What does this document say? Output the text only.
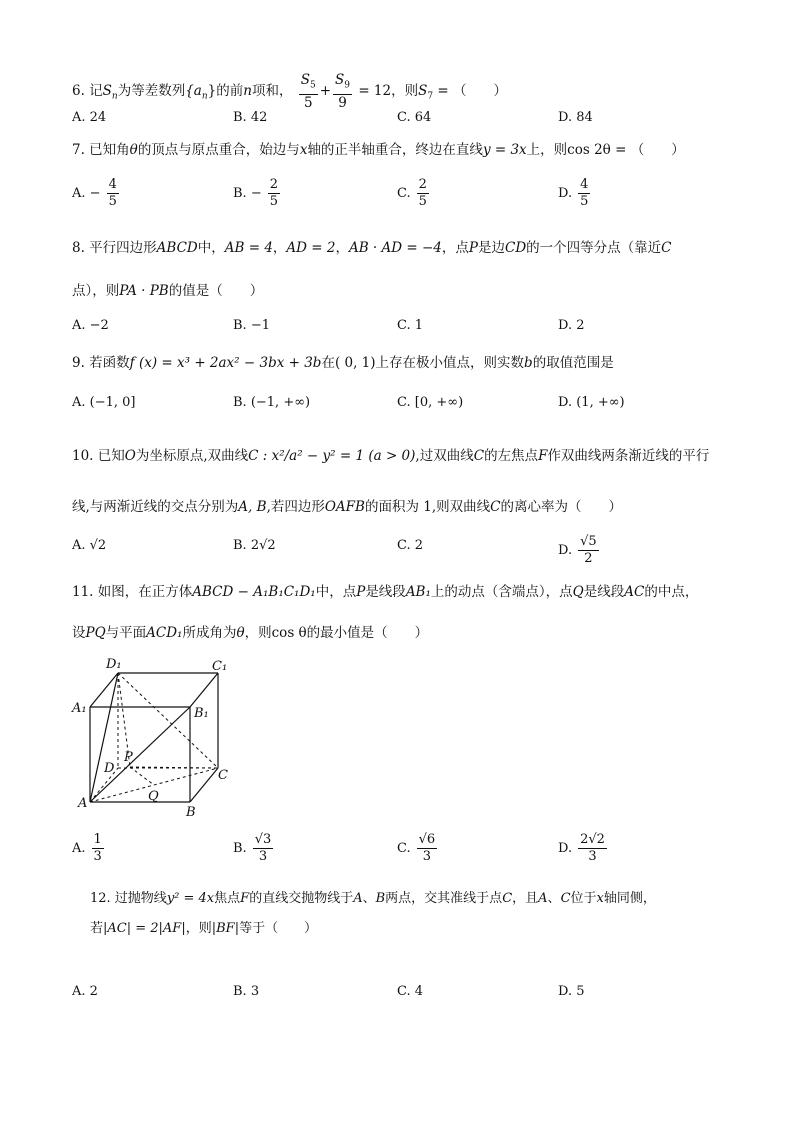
6. 记$S_n$为等差数列$\{a_n\}$的前n项和， $\frac{S_5}{5} + \frac{S_9}{9} = 12$，则$S_7$ = （　　）
A. 24	B. 42	C. 64	D. 84
7. 已知角θ的顶点与原点重合，始边与x轴的正半轴重合，终边在直线y = 3x上，则cos 2θ = （　　）
A. − $\frac{4}{5}$	B. − $\frac{2}{5}$	C. $\frac{2}{5}$	D. $\frac{4}{5}$
8. 平行四边形ABCD中，AB = 4，AD = 2，AB · AD = −4，点P是边CD的一个四等分点（靠近C
点），则PA · PB的值是（　　）
A. −2	B. −1	C. 1	D. 2
9. 若函数f (x) = x³ + 2ax² − 3bx + 3b在( 0, 1)上存在极小值点，则实数b的取值范围是
A. (−1, 0]	B. (−1, +∞)	C. [0, +∞)	D. (1, +∞)
10. 已知O为坐标原点,双曲线C : x²/a² − y² = 1 (a > 0),过双曲线C的左焦点F作双曲线两条渐近线的平行
线,与两渐近线的交点分别为A, B,若四边形OAFB的面积为 1,则双曲线C的离心率为（　　）
A. √2	B. 2√2	C. 2	D. $\frac{√5}{2}$
11. 如图，在正方体ABCD − A₁B₁C₁D₁中，点P是线段AB₁上的动点（含端点），点Q是线段AC的中点，
设PQ与平面ACD₁所成角为θ，则cos θ的最小值是（　　）
D₁	C₁
A₁	B₁
P
D	C
Q
A
B
A. $\frac{1}{3}$	B. $\frac{√3}{3}$	C. $\frac{√6}{3}$	D. $\frac{2√2}{3}$
12. 过抛物线y² = 4x焦点F的直线交抛物线于A、B两点，交其准线于点C，且A、C位于x轴同侧，
若|AC| = 2|AF|，则|BF|等于（　　）
A. 2	B. 3	C. 4	D. 5
